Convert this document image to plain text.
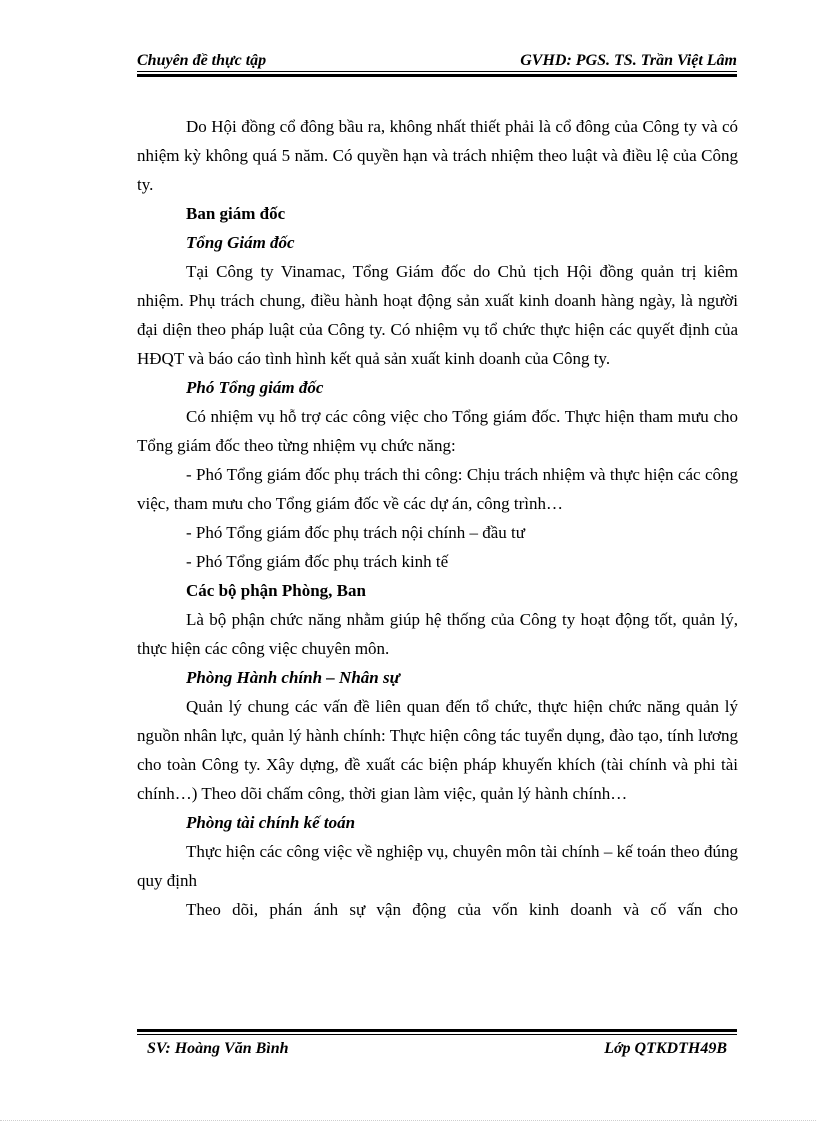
Chuyên đề thực tập	GVHD: PGS. TS. Trần Việt Lâm

Do Hội đồng cổ đông bầu ra, không nhất thiết phải là cổ đông của Công ty và có nhiệm kỳ không quá 5 năm. Có quyền hạn và trách nhiệm theo luật và điều lệ của Công ty.

Ban giám đốc

Tổng Giám đốc

Tại Công ty Vinamac, Tổng Giám đốc do Chủ tịch Hội đồng quản trị kiêm nhiệm. Phụ trách chung, điều hành hoạt động sản xuất kinh doanh hàng ngày, là người đại diện theo pháp luật của Công ty. Có nhiệm vụ tổ chức thực hiện các quyết định của HĐQT và báo cáo tình hình kết quả sản xuất kinh doanh của Công ty.

Phó Tổng giám đốc

Có nhiệm vụ hỗ trợ các công việc cho Tổng giám đốc. Thực hiện tham mưu cho Tổng giám đốc theo từng nhiệm vụ chức năng:

- Phó Tổng giám đốc phụ trách thi công: Chịu trách nhiệm và thực hiện các công việc, tham mưu cho Tổng giám đốc về các dự án, công trình…

- Phó Tổng giám đốc phụ trách nội chính – đầu tư

- Phó Tổng giám đốc phụ trách kinh tế

Các bộ phận Phòng, Ban

Là bộ phận chức năng nhằm giúp hệ thống của Công ty hoạt động tốt, quản lý, thực hiện các công việc chuyên môn.

Phòng Hành chính – Nhân sự

Quản lý chung các vấn đề liên quan đến tổ chức, thực hiện chức năng quản lý nguồn nhân lực, quản lý hành chính: Thực hiện công tác tuyển dụng, đào tạo, tính lương cho toàn Công ty. Xây dựng, đề xuất các biện pháp khuyến khích (tài chính và phi tài chính…) Theo dõi chấm công, thời gian làm việc, quản lý hành chính…

Phòng tài chính kế toán

Thực hiện các công việc về nghiệp vụ, chuyên môn tài chính – kế toán theo đúng quy định

Theo dõi, phán ánh sự vận động của vốn kinh doanh và cố vấn cho

SV: Hoàng Văn Bình	Lớp QTKDTH49B
